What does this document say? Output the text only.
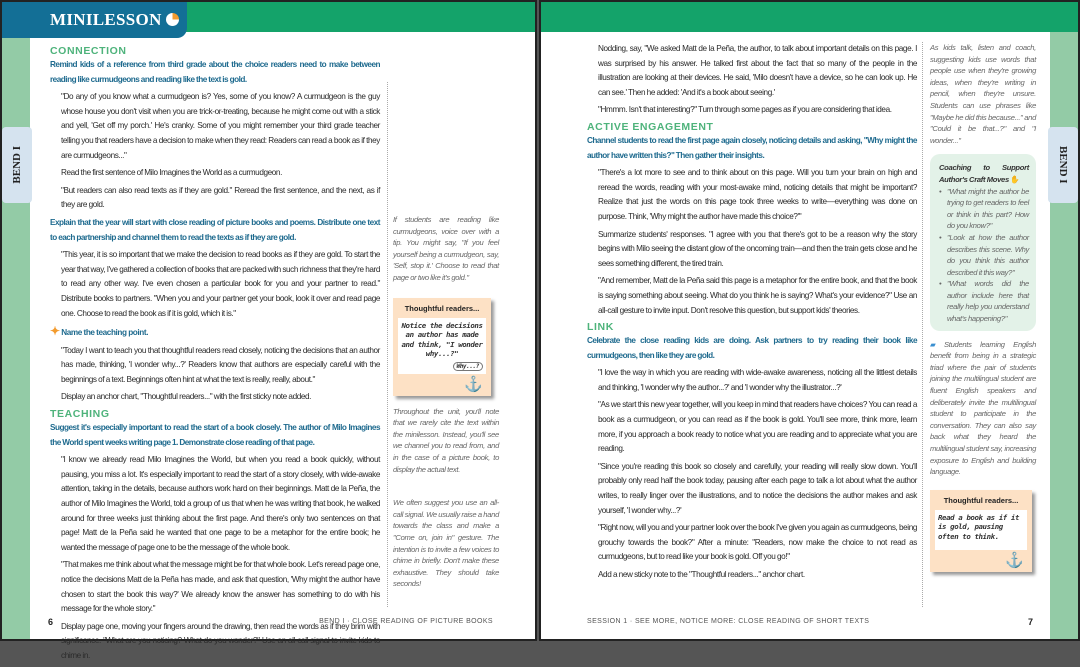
MINILESSON
BEND I
CONNECTION
Remind kids of a reference from third grade about the choice readers need to make between reading like curmudgeons and reading like the text is gold.
"Do any of you know what a curmudgeon is? Yes, some of you know? A curmudgeon is the guy whose house you don't visit when you are trick-or-treating, because he might come out with a stick and yell, 'Get off my porch.' He's cranky. Some of you might remember your third grade teacher telling you that readers have a decision to make when they read: Readers can read a book as if they are curmudgeons..."
Read the first sentence of Milo Imagines the World as a curmudgeon.
"But readers can also read texts as if they are gold." Reread the first sentence, and the next, as if they are gold.
Explain that the year will start with close reading of picture books and poems. Distribute one text to each partnership and channel them to read the texts as if they are gold.
"This year, it is so important that we make the decision to read books as if they are gold. To start the year that way, I've gathered a collection of books that are packed with such richness that they're hard to read any other way. I've even chosen a particular book for you and your partner to read." Distribute books to partners. "When you and your partner get your book, look it over and read page one. Choose to read the book as if it is gold, which it is."
✦ Name the teaching point.
"Today I want to teach you that thoughtful readers read closely, noticing the decisions that an author has made, thinking, 'I wonder why...?' Readers know that authors are especially careful with the beginnings of a text. Beginnings often hint at what the text is really, really, about."
Display an anchor chart, "Thoughtful readers..." with the first sticky note added.
TEACHING
Suggest it's especially important to read the start of a book closely. The author of Milo Imagines the World spent weeks writing page 1. Demonstrate close reading of that page.
"I know we already read Milo Imagines the World, but when you read a book quickly, without pausing, you miss a lot. It's especially important to read the start of a story closely, with wide-awake attention, taking in the details, because authors work hard on their beginnings. Matt de la Peña, the author of Milo Imagines the World, told a group of us that when he was writing that book, he walked around for three weeks just thinking about the first page. And there's only two sentences on that page! Matt de la Peña said he wanted that one page to be a metaphor for the entire book; he wanted the message of page one to be the message of the whole book.
"That makes me think about what the message might be for that whole book. Let's reread page one, notice the decisions Matt de la Peña has made, and ask that question, 'Why might the author have chosen to start the book this way?' We already know the answer has something to do with his message for the whole story."
Display page one, moving your fingers around the drawing, then read the words as if they brim with significance. "What are you noticing? What do you wonder?" Use an all-call signal to invite kids to chime in.
If students are reading like curmudgeons, voice over with a tip. You might say, "If you feel yourself being a curmudgeon, say, 'Self, stop it.' Choose to read that page or two like it's gold."
Thoughtful readers...
Notice the decisions an author has made and think, "I wonder why...?"
Why...?
⚓
Throughout the unit, you'll note that we rarely cite the text within the minilesson. Instead, you'll see we channel you to read from, and in the case of a picture book, to display the actual text.
We often suggest you use an all-call signal. We usually raise a hand towards the class and make a "Come on, join in" gesture. The intention is to invite a few voices to chime in briefly. Don't make these exhaustive. They should take seconds!
6	BEND I · CLOSE READING OF PICTURE BOOKS
BEND I
Nodding, say, "We asked Matt de la Peña, the author, to talk about important details on this page. I was surprised by his answer. He talked first about the fact that so many of the people in the illustration are looking at their devices. He said, 'Milo doesn't have a device, so he can look up. He can see.' Then he added: 'And it's a book about seeing.'
"Hmmm. Isn't that interesting?" Turn through some pages as if you are considering that idea.
ACTIVE ENGAGEMENT
Channel students to read the first page again closely, noticing details and asking, "Why might the author have written this?" Then gather their insights.
"There's a lot more to see and to think about on this page. Will you turn your brain on high and reread the words, reading with your most-awake mind, noticing details that might be important? Realize that just the words on this page took three weeks to write—everything was done on purpose. Think, 'Why might the author have made this choice?'"
Summarize students' responses. "I agree with you that there's got to be a reason why the story begins with Milo seeing the distant glow of the oncoming train—and then the train gets close and he sees something different, the tired train.
"And remember, Matt de la Peña said this page is a metaphor for the entire book, and that the book is saying something about seeing. What do you think he is saying? What's your evidence?" Use an all-call gesture to invite input. Don't resolve this question, but support kids' theories.
LINK
Celebrate the close reading kids are doing. Ask partners to try reading their book like curmudgeons, then like they are gold.
"I love the way in which you are reading with wide-awake awareness, noticing all the littlest details and thinking, 'I wonder why the author...?' and 'I wonder why the illustrator...?'
"As we start this new year together, will you keep in mind that readers have choices? You can read a book as a curmudgeon, or you can read as if the book is gold. You'll see more, think more, learn more, if you approach a book ready to notice what you are reading and to appreciate what you are reading.
"Since you're reading this book so closely and carefully, your reading will really slow down. You'll probably only read half the book today, pausing after each page to talk a lot about what the author writes, to really linger over the illustrations, and to notice the decisions the author makes and ask yourself, 'I wonder why...?'
"Right now, will you and your partner look over the book I've given you again as curmudgeons, being grouchy towards the book?" After a minute: "Readers, now make the choice to not read as curmudgeons, but to read like your book is gold. Off you go!"
Add a new sticky note to the "Thoughtful readers..." anchor chart.
As kids talk, listen and coach, suggesting kids use words that people use when they're growing ideas, when they're writing in pencil, when they're unsure. Students can use phrases like "Maybe he did this because..." and "Could it be that...?" and "I wonder..."
Coaching to Support Author's Craft Moves ✋
• "What might the author be trying to get readers to feel or think in this part? How do you know?"
• "Look at how the author describes this scene. Why do you think this author described it this way?"
• "What words did the author include here that really help you understand what's happening?"
▰ Students learning English benefit from being in a strategic triad where the pair of students joining the multilingual student are fluent English speakers and deliberately invite the multilingual student to participate in the conversation. They can also say back what they heard the multilingual student say, increasing exposure to English and building language.
Thoughtful readers...
Read a book as if it is gold, pausing often to think.
⚓
SESSION 1 · SEE MORE, NOTICE MORE: CLOSE READING OF SHORT TEXTS	7
